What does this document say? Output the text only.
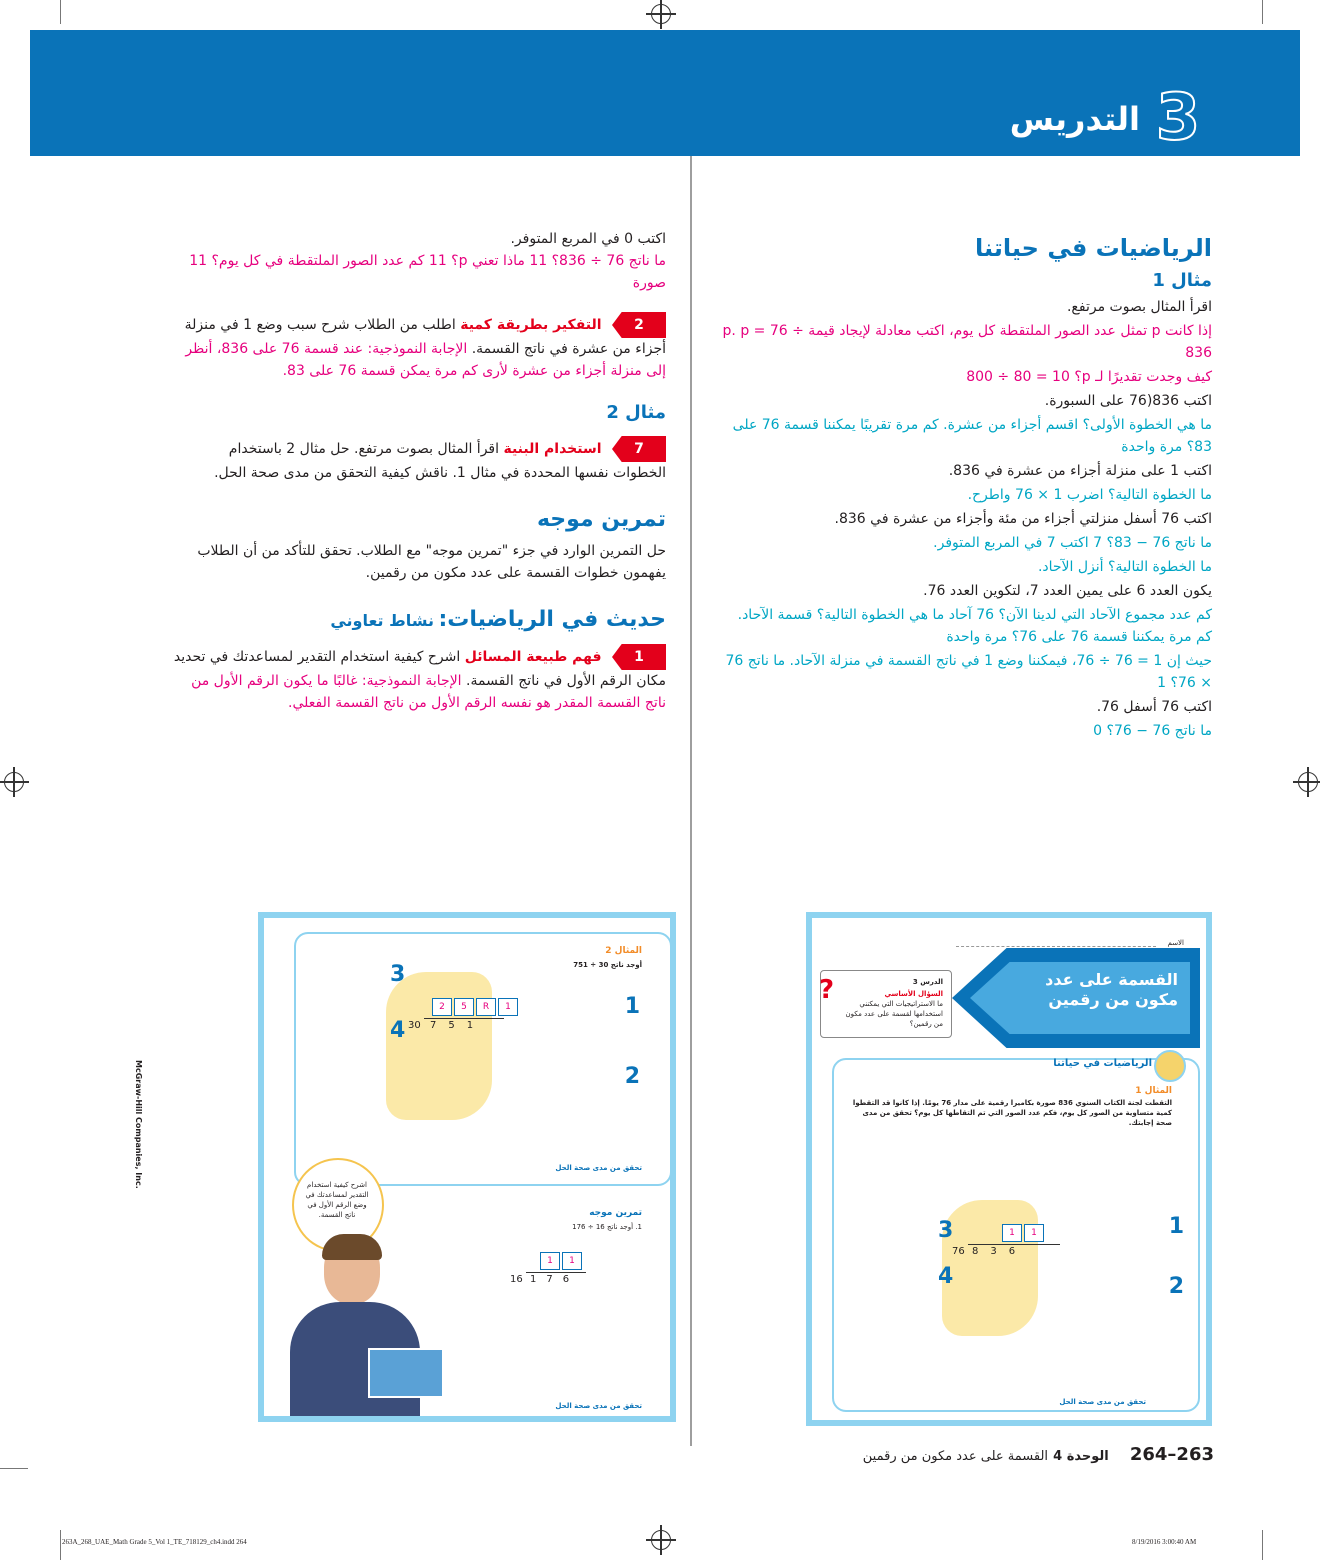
3
التدريس
الرياضيات في حياتنا
مثال 1

اقرأ المثال بصوت مرتفع.

إذا كانت p تمثل عدد الصور الملتقطة كل يوم، اكتب معادلة لإيجاد قيمة p. p = 76 ÷ 836

كيف وجدت تقديرًا لـ p؟ 10 = 80 ÷ 800

اكتب 836(76 على السبورة.

ما هي الخطوة الأولى؟ اقسم أجزاء من عشرة. كم مرة تقريبًا يمكننا قسمة 76 على 83؟ مرة واحدة

اكتب 1 على منزلة أجزاء من عشرة في 836.

ما الخطوة التالية؟ اضرب 1 × 76 واطرح.

اكتب 76 أسفل منزلتي أجزاء من مئة وأجزاء من عشرة في 836.

ما ناتج 76 − 83؟ 7 اكتب 7 في المربع المتوفر.

ما الخطوة التالية؟ أنزل الآحاد.

يكون العدد 6 على يمين العدد 7، لتكوين العدد 76.

كم عدد مجموع الآحاد التي لدينا الآن؟ 76 آحاد ما هي الخطوة التالية؟ قسمة الآحاد. كم مرة يمكننا قسمة 76 على 76؟ مرة واحدة

حيث إن 1 = 76 ÷ 76، فيمكننا وضع 1 في ناتج القسمة في منزلة الآحاد. ما ناتج 76 × 76؟ 1

اكتب 76 أسفل 76.

ما ناتج 76 − 76؟ 0

اكتب 0 في المربع المتوفر.

ما ناتج 76 ÷ 836؟ 11 ماذا تعني p؟ 11 كم عدد الصور الملتقطة في كل يوم؟ 11 صورة

2
التفكير بطريقة كمية اطلب من الطلاب شرح سبب وضع 1 في منزلة أجزاء من عشرة في ناتج القسمة. الإجابة النموذجية: عند قسمة 76 على 836، أنظر إلى منزلة أجزاء من عشرة لأرى كم مرة يمكن قسمة 76 على 83.

مثال 2

7
استخدام البنية اقرأ المثال بصوت مرتفع. حل مثال 2 باستخدام الخطوات نفسها المحددة في مثال 1. ناقش كيفية التحقق من مدى صحة الحل.

تمرين موجه

حل التمرين الوارد في جزء "تمرين موجه" مع الطلاب. تحقق للتأكد من أن الطلاب يفهمون خطوات القسمة على عدد مكون من رقمين.

حديث في الرياضيات: نشاط تعاوني

1
فهم طبيعة المسائل اشرح كيفية استخدام التقدير لمساعدتك في تحديد مكان الرقم الأول في ناتج القسمة. الإجابة النموذجية: غالبًا ما يكون الرقم الأول من ناتج القسمة المقدر هو نفسه الرقم الأول من ناتج القسمة الفعلي.

الاسم
الدرس 3
السؤال الأساسي
ما الاستراتيجيات التي يمكنني استخدامها لقسمة على عدد مكون من رقمين؟
?	القسمة على عدد مكون من رقمين
الرياضيات في حياتنا
المثال 1
التقطت لجنة الكتاب السنوي 836 صورة بكاميرا رقمية على مدار 76 يومًا. إذا كانوا قد التقطوا كمية متساوية من الصور كل يوم، فكم عدد الصور التي تم التقاطها كل يوم؟ تحقق من مدى صحة إجابتك.
76 836
1	1	1
2
3
4
تحقق من مدى صحة الحل
المثال 2
أوجد ناتج 30 ÷ 751
30 751
2	5	R	1	1
2
3
4
تحقق من مدى صحة الحل
تمرين موجه
1. أوجد ناتج 16 ÷ 176
16 176
1	1
تحقق من مدى صحة الحل
اشرح كيفية استخدام التقدير لمساعدتك في وضع الرقم الأول في ناتج القسمة.
McGraw-Hill Companies, Inc.
263–264 الوحدة 4 القسمة على عدد مكون من رقمين
263A_268_UAE_Math Grade 5_Vol 1_TE_718129_ch4.indd 264	8/19/2016 3:00:40 AM
